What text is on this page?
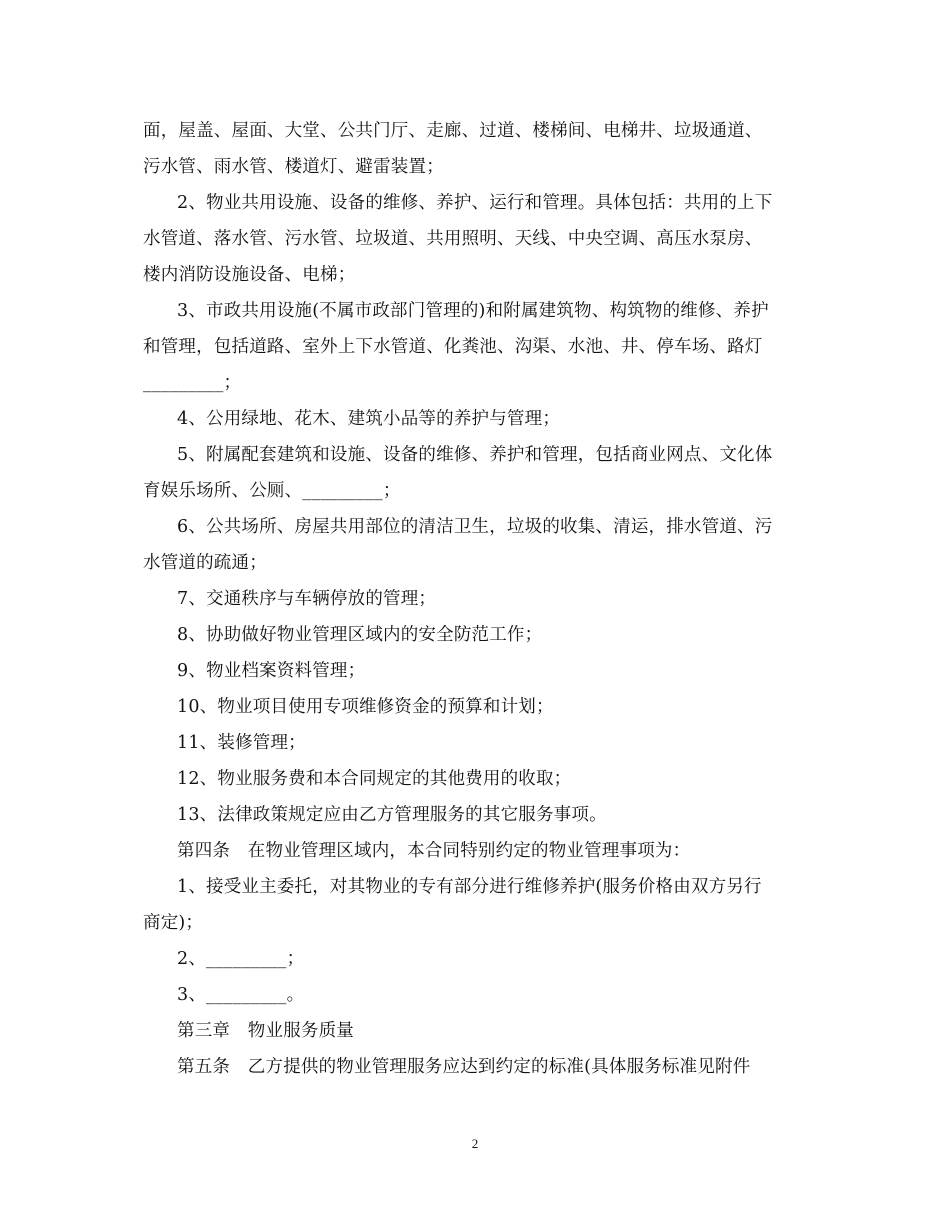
面，屋盖、屋面、大堂、公共门厅、走廊、过道、楼梯间、电梯井、垃圾通道、
污水管、雨水管、楼道灯、避雷装置；
2、物业共用设施、设备的维修、养护、运行和管理。具体包括：共用的上下
水管道、落水管、污水管、垃圾道、共用照明、天线、中央空调、高压水泵房、
楼内消防设施设备、电梯；
3、市政共用设施(不属市政部门管理的)和附属建筑物、构筑物的维修、养护
和管理，包括道路、室外上下水管道、化粪池、沟渠、水池、井、停车场、路灯
_________；
4、公用绿地、花木、建筑小品等的养护与管理；
5、附属配套建筑和设施、设备的维修、养护和管理，包括商业网点、文化体
育娱乐场所、公厕、_________；
6、公共场所、房屋共用部位的清洁卫生，垃圾的收集、清运，排水管道、污
水管道的疏通；
7、交通秩序与车辆停放的管理；
8、协助做好物业管理区域内的安全防范工作；
9、物业档案资料管理；
10、物业项目使用专项维修资金的预算和计划；
11、装修管理；
12、物业服务费和本合同规定的其他费用的收取；
13、法律政策规定应由乙方管理服务的其它服务事项。
第四条　在物业管理区域内，本合同特别约定的物业管理事项为：
1、接受业主委托，对其物业的专有部分进行维修养护(服务价格由双方另行
商定)；
2、_________；
3、_________。
第三章　物业服务质量
第五条　乙方提供的物业管理服务应达到约定的标准(具体服务标准见附件
2
